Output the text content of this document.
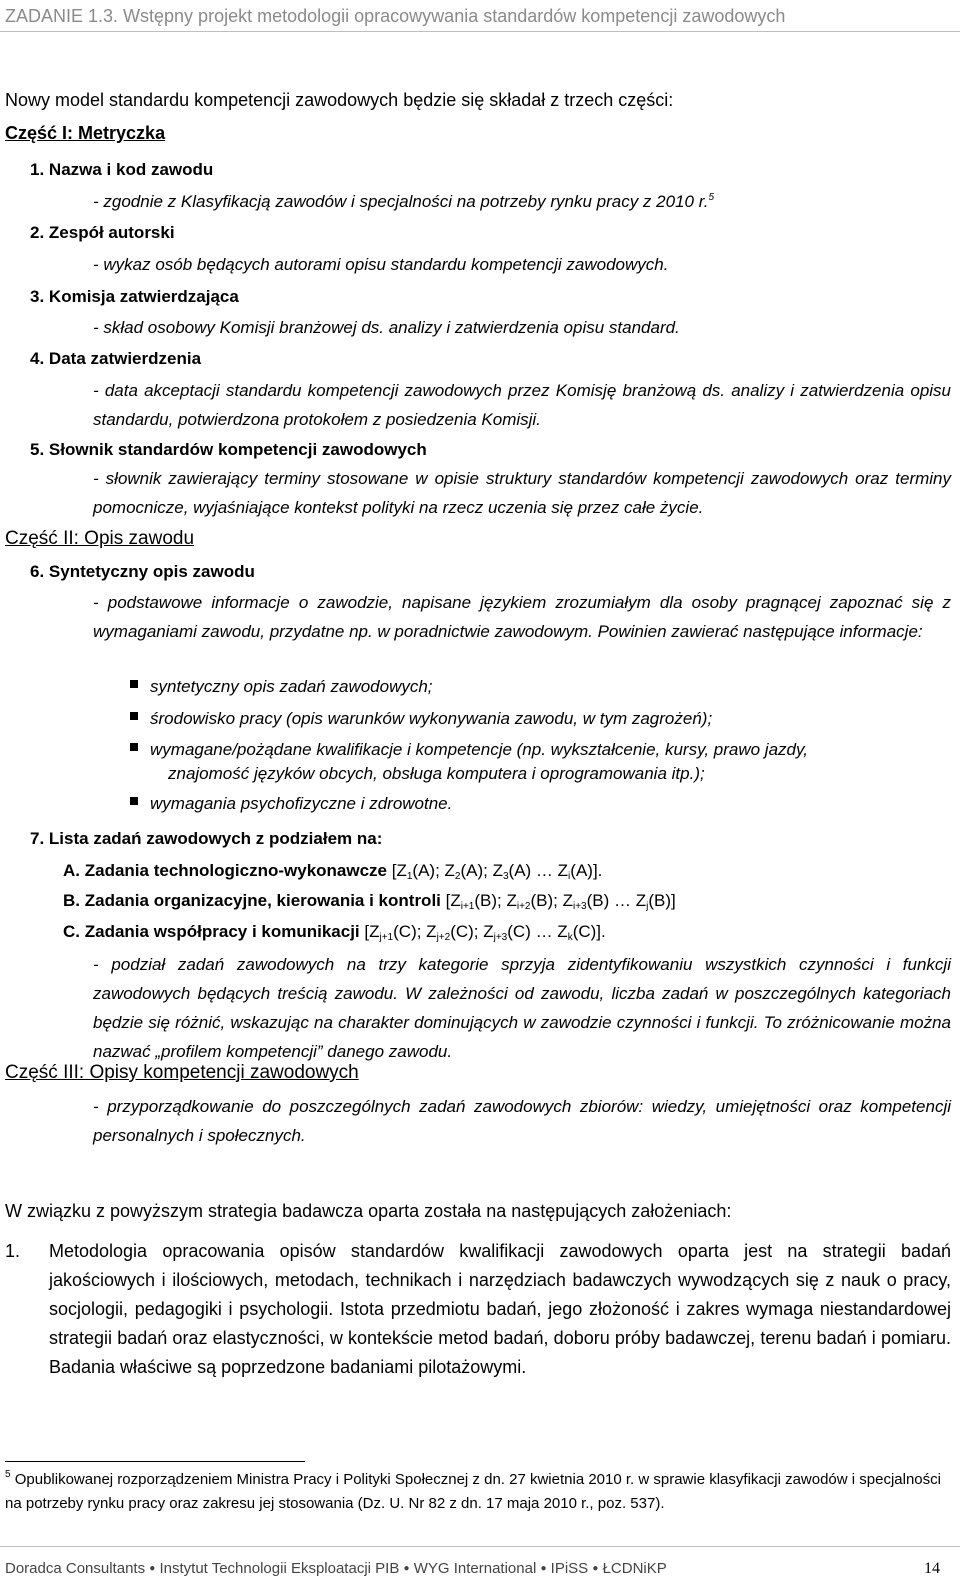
ZADANIE 1.3. Wstępny projekt metodologii opracowywania standardów kompetencji zawodowych
Nowy model standardu kompetencji zawodowych będzie się składał z trzech części:
Część I: Metryczka
1. Nazwa i kod zawodu
- zgodnie z Klasyfikacją zawodów i specjalności na potrzeby rynku pracy z 2010 r.$^5$
2. Zespół autorski
- wykaz osób będących autorami opisu standardu kompetencji zawodowych.
3. Komisja zatwierdzająca
- skład osobowy Komisji branżowej ds. analizy i zatwierdzenia opisu standard.
4. Data zatwierdzenia
- data akceptacji standardu kompetencji zawodowych przez Komisję branżową ds. analizy i zatwierdzenia opisu standardu, potwierdzona protokołem z posiedzenia Komisji.
5. Słownik standardów kompetencji zawodowych
- słownik zawierający terminy stosowane w opisie struktury standardów kompetencji zawodowych oraz terminy pomocnicze, wyjaśniające kontekst polityki na rzecz uczenia się przez całe życie.
Część II: Opis zawodu
6. Syntetyczny opis zawodu
- podstawowe informacje o zawodzie, napisane językiem zrozumiałym dla osoby pragnącej zapoznać się z wymaganiami zawodu, przydatne np. w poradnictwie zawodowym. Powinien zawierać następujące informacje:
syntetyczny opis zadań zawodowych;
środowisko pracy (opis warunków wykonywania zawodu, w tym zagrożeń);
wymagane/pożądane kwalifikacje i kompetencje (np. wykształcenie, kursy, prawo jazdy,
znajomość języków obcych, obsługa komputera i oprogramowania itp.);
wymagania psychofizyczne i zdrowotne.
7. Lista zadań zawodowych z podziałem na:
A. Zadania technologiczno-wykonawcze [$Z_1(A)$; $Z_2(A)$; $Z_3(A)$ … $Z_i(A)$].
B. Zadania organizacyjne, kierowania i kontroli [$Z_{i+1}(B)$; $Z_{i+2}(B)$; $Z_{i+3}(B)$ … $Z_j(B)$]
C. Zadania współpracy i komunikacji [$Z_{j+1}(C)$; $Z_{j+2}(C)$; $Z_{j+3}(C)$ … $Z_k(C)$].
- podział zadań zawodowych na trzy kategorie sprzyja zidentyfikowaniu wszystkich czynności i funkcji zawodowych będących treścią zawodu. W zależności od zawodu, liczba zadań w poszczególnych kategoriach będzie się różnić, wskazując na charakter dominujących w zawodzie czynności i funkcji. To zróżnicowanie można nazwać „profilem kompetencji” danego zawodu.
Część III: Opisy kompetencji zawodowych
- przyporządkowanie do poszczególnych zadań zawodowych zbiorów: wiedzy, umiejętności oraz kompetencji personalnych i społecznych.
W związku z powyższym strategia badawcza oparta została na następujących założeniach:
1. Metodologia opracowania opisów standardów kwalifikacji zawodowych oparta jest na strategii badań jakościowych i ilościowych, metodach, technikach i narzędziach badawczych wywodzących się z nauk o pracy, socjologii, pedagogiki i psychologii. Istota przedmiotu badań, jego złożoność i zakres wymaga niestandardowej strategii badań oraz elastyczności, w kontekście metod badań, doboru próby badawczej, terenu badań i pomiaru. Badania właściwe są poprzedzone badaniami pilotażowymi.
$^5$ Opublikowanej rozporządzeniem Ministra Pracy i Polityki Społecznej z dn. 27 kwietnia 2010 r. w sprawie klasyfikacji zawodów i specjalności na potrzeby rynku pracy oraz zakresu jej stosowania (Dz. U. Nr 82 z dn. 17 maja 2010 r., poz. 537).
Doradca Consultants ● Instytut Technologii Eksploatacji PIB ● WYG International ● IPiSS ● ŁCDNiKP	14
